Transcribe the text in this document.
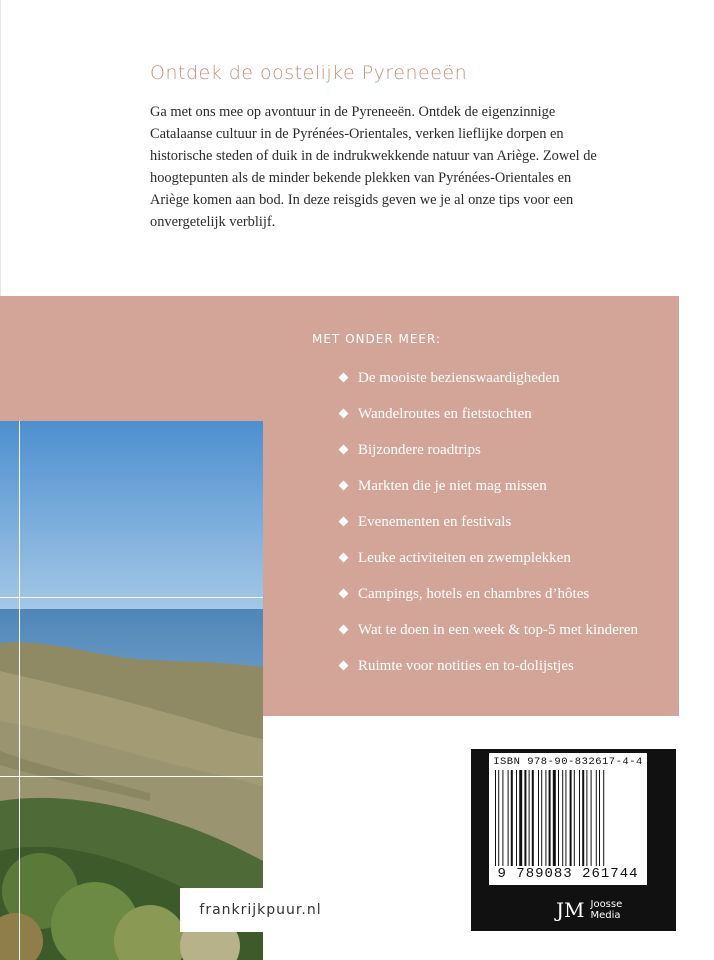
Ontdek de oostelijke Pyreneeën
Ga met ons mee op avontuur in de Pyreneeën. Ontdek de eigenzinnige Catalaanse cultuur in de Pyrénées-Orientales, verken lieflijke dorpen en historische steden of duik in de indrukwekkende natuur van Ariège. Zowel de hoogtepunten als de minder bekende plekken van Pyrénées-Orientales en Ariège komen aan bod. In deze reisgids geven we je al onze tips voor een onvergetelijk verblijf.
MET ONDER MEER:
De mooiste bezienswaardigheden
Wandelroutes en fietstochten
Bijzondere roadtrips
Markten die je niet mag missen
Evenementen en festivals
Leuke activiteiten en zwemplekken
Campings, hotels en chambres d’hôtes
Wat te doen in een week & top-5 met kinderen
Ruimte voor notities en to-dolijstjes
frankrijkpuur.nl
ISBN 978-90-832617-4-4
9 789083 261744
JM Joosse
Media
